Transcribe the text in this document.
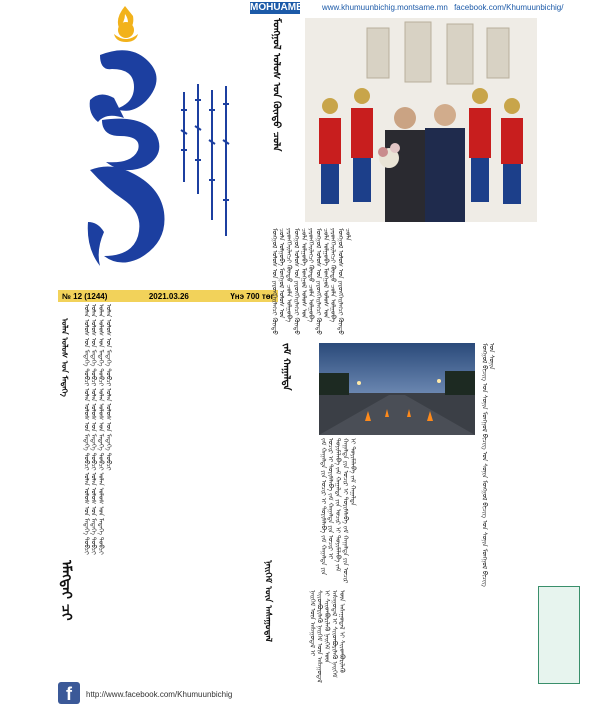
MOHUAME www.khumuunbichig.montsame.mn facebook.com/Khumuunbichig/
№ 12 (1244)	2021.03.26	Үнэ 700 төг
ᠮᠣᠩᠭᠣᠯ ᠤᠯᠤᠰ ᠤᠨ ᠬᠦᠨᠳᠦ ᠴᠣᠯᠠ
ᠮᠣᠩᠭᠣᠯ ᠤᠯᠤᠰ ᠤᠨ ᠶᠡᠷᠦᠩᠬᠡᠢᠯᠡᠭᠴᠢ ᠬᠦᠨᠳᠦ ᠴᠣᠯᠠ ᠣᠯᠭᠤᠪᠠ ᠮᠣᠩᠭᠣᠯ ᠤᠯᠤᠰ ᠤᠨ ᠶᠡᠷᠦᠩᠬᠡᠢᠯᠡᠭᠴᠢ ᠬᠦᠨᠳᠦ ᠴᠣᠯᠠ ᠣᠯᠭᠤᠪᠠ ᠮᠣᠩᠭᠣᠯ ᠤᠯᠤᠰ ᠤᠨ ᠶᠡᠷᠦᠩᠬᠡᠢᠯᠡᠭᠴᠢ ᠬᠦᠨᠳᠦ ᠴᠣᠯᠠ ᠣᠯᠭᠤᠪᠠ ᠮᠣᠩᠭᠣᠯ ᠤᠯᠤᠰ ᠤᠨ ᠶᠡᠷᠦᠩᠬᠡᠢᠯᠡᠭᠴᠢ ᠬᠦᠨᠳᠦ ᠴᠣᠯᠠ ᠣᠯᠭᠤᠪᠠ ᠮᠣᠩᠭᠣᠯ ᠤᠯᠤᠰ ᠤᠨ ᠶᠡᠷᠦᠩᠬᠡᠢᠯᠡᠭᠴᠢ ᠬᠦᠨᠳᠦ ᠴᠣᠯᠠ ᠣᠯᠭᠤᠪᠠ ᠮᠣᠩᠭᠣᠯ ᠤᠯᠤᠰ ᠤᠨ ᠶᠡᠷᠦᠩᠬᠡᠢᠯᠡᠭᠴᠢ ᠬᠦᠨᠳᠦ ᠴᠣᠯᠠ ᠣᠯᠭᠤᠪᠠ ᠮᠣᠩᠭᠣᠯ ᠤᠯᠤᠰ ᠤᠨ ᠶᠡᠷᠦᠩᠬᠡᠢᠯᠡᠭᠴᠢ ᠬᠦᠨᠳᠦ ᠴᠣᠯᠠ
ᠵᠠᠮ ᠬᠠᠭᠠᠯᠲᠠ
ᠵᠠᠮ ᠬᠠᠭᠠᠯᠲᠠ ᠶᠢᠨ ᠤᠴᠢᠷ ᠢ ᠲᠣᠶᠢᠮᠠᠯᠠᠪᠠ ᠵᠠᠮ ᠬᠠᠭᠠᠯᠲᠠ ᠶᠢᠨ ᠤᠴᠢᠷ ᠢ ᠲᠣᠶᠢᠮᠠᠯᠠᠪᠠ ᠵᠠᠮ ᠬᠠᠭᠠᠯᠲᠠ ᠶᠢᠨ ᠤᠴᠢᠷ ᠢ ᠲᠣᠶᠢᠮᠠᠯᠠᠪᠠ ᠵᠠᠮ ᠬᠠᠭᠠᠯᠲᠠ ᠶᠢᠨ ᠤᠴᠢᠷ ᠢ ᠲᠣᠶᠢᠮᠠᠯᠠᠪᠠ ᠵᠠᠮ ᠬᠠᠭᠠᠯᠲᠠ ᠶᠢᠨ ᠤᠴᠢᠷ ᠢ ᠲᠣᠶᠢᠮᠠᠯᠠᠪᠠ ᠵᠠᠮ ᠬᠠᠭᠠᠯᠲᠠ ᠶᠢᠨ ᠤᠴᠢᠷ ᠢ ᠲᠣᠶᠢᠮᠠᠯᠠᠪᠠ ᠵᠠᠮ ᠬᠠᠭᠠᠯᠲᠠ	ᠮᠣᠩᠭᠣᠯ ᠪᠢᠴᠢᠭ ᠤᠨ ᠰᠣᠨᠢᠨ ᠮᠣᠩᠭᠣᠯ ᠪᠢᠴᠢᠭ ᠤᠨ ᠰᠣᠨᠢᠨ ᠮᠣᠩᠭᠣᠯ ᠪᠢᠴᠢᠭ ᠤᠨ ᠰᠣᠨᠢᠨ ᠮᠣᠩᠭᠣᠯ ᠪᠢᠴᠢᠭ ᠤᠨ ᠰᠣᠨᠢᠨ
ᠣᠯᠠᠨ ᠤᠯᠤᠰ ᠤᠨ ᠮᠡᠳᠡᠭᠡ	ᠣᠯᠠᠨ ᠤᠯᠤᠰ ᠤᠨ ᠮᠡᠳᠡᠭᠡ ᠲᠣᠪᠴᠢ ᠣᠯᠠᠨ ᠤᠯᠤᠰ ᠤᠨ ᠮᠡᠳᠡᠭᠡ ᠲᠣᠪᠴᠢ ᠣᠯᠠᠨ ᠤᠯᠤᠰ ᠤᠨ ᠮᠡᠳᠡᠭᠡ ᠲᠣᠪᠴᠢ ᠣᠯᠠᠨ ᠤᠯᠤᠰ ᠤᠨ ᠮᠡᠳᠡᠭᠡ ᠲᠣᠪᠴᠢ ᠣᠯᠠᠨ ᠤᠯᠤᠰ ᠤᠨ ᠮᠡᠳᠡᠭᠡ ᠲᠣᠪᠴᠢ ᠣᠯᠠᠨ ᠤᠯᠤᠰ ᠤᠨ ᠮᠡᠳᠡᠭᠡ ᠲᠣᠪᠴᠢ ᠣᠯᠠᠨ ᠤᠯᠤᠰ ᠤᠨ ᠮᠡᠳᠡᠭᠡ ᠲᠣᠪᠴᠢ ᠣᠯᠠᠨ ᠤᠯᠤᠰ ᠤᠨ ᠮᠡᠳᠡᠭᠡ ᠲᠣᠪᠴᠢ ᠣᠯᠠᠨ ᠤᠯᠤᠰ ᠤᠨ ᠮᠡᠳᠡᠭᠡ ᠲᠣᠪᠴᠢ ᠣᠯᠠᠨ ᠤᠯᠤᠰ ᠤᠨ ᠮᠡᠳᠡᠭᠡ ᠲᠣᠪᠴᠢ ᠣᠯᠠᠨ ᠤᠯᠤᠰ ᠤᠨ ᠮᠡᠳᠡᠭᠡ ᠲᠣᠪᠴᠢ
ᠡᠮᠡᠭᠲᠡᠢ ᠴᠢ	ᠨᠡᠢᠭᠡᠮ ᠦᠨ ᠠᠰᠠᠭᠤᠳᠠᠯ	ᠨᠡᠢᠭᠡᠮ ᠦᠨ ᠠᠰᠠᠭᠤᠳᠠᠯ ᠢ ᠰᠢᠢᠳᠪᠦᠷᠢᠯᠡᠬᠦ ᠨᠡᠢᠭᠡᠮ ᠦᠨ ᠠᠰᠠᠭᠤᠳᠠᠯ ᠢ ᠰᠢᠢᠳᠪᠦᠷᠢᠯᠡᠬᠦ ᠨᠡᠢᠭᠡᠮ ᠦᠨ ᠠᠰᠠᠭᠤᠳᠠᠯ ᠢ ᠰᠢᠢᠳᠪᠦᠷᠢᠯᠡᠬᠦ ᠨᠡᠢᠭᠡᠮ ᠦᠨ ᠠᠰᠠᠭᠤᠳᠠᠯ ᠢ ᠰᠢᠢᠳᠪᠦᠷᠢᠯᠡᠬᠦ
f	http://www.facebook.com/Khumuunbichig
